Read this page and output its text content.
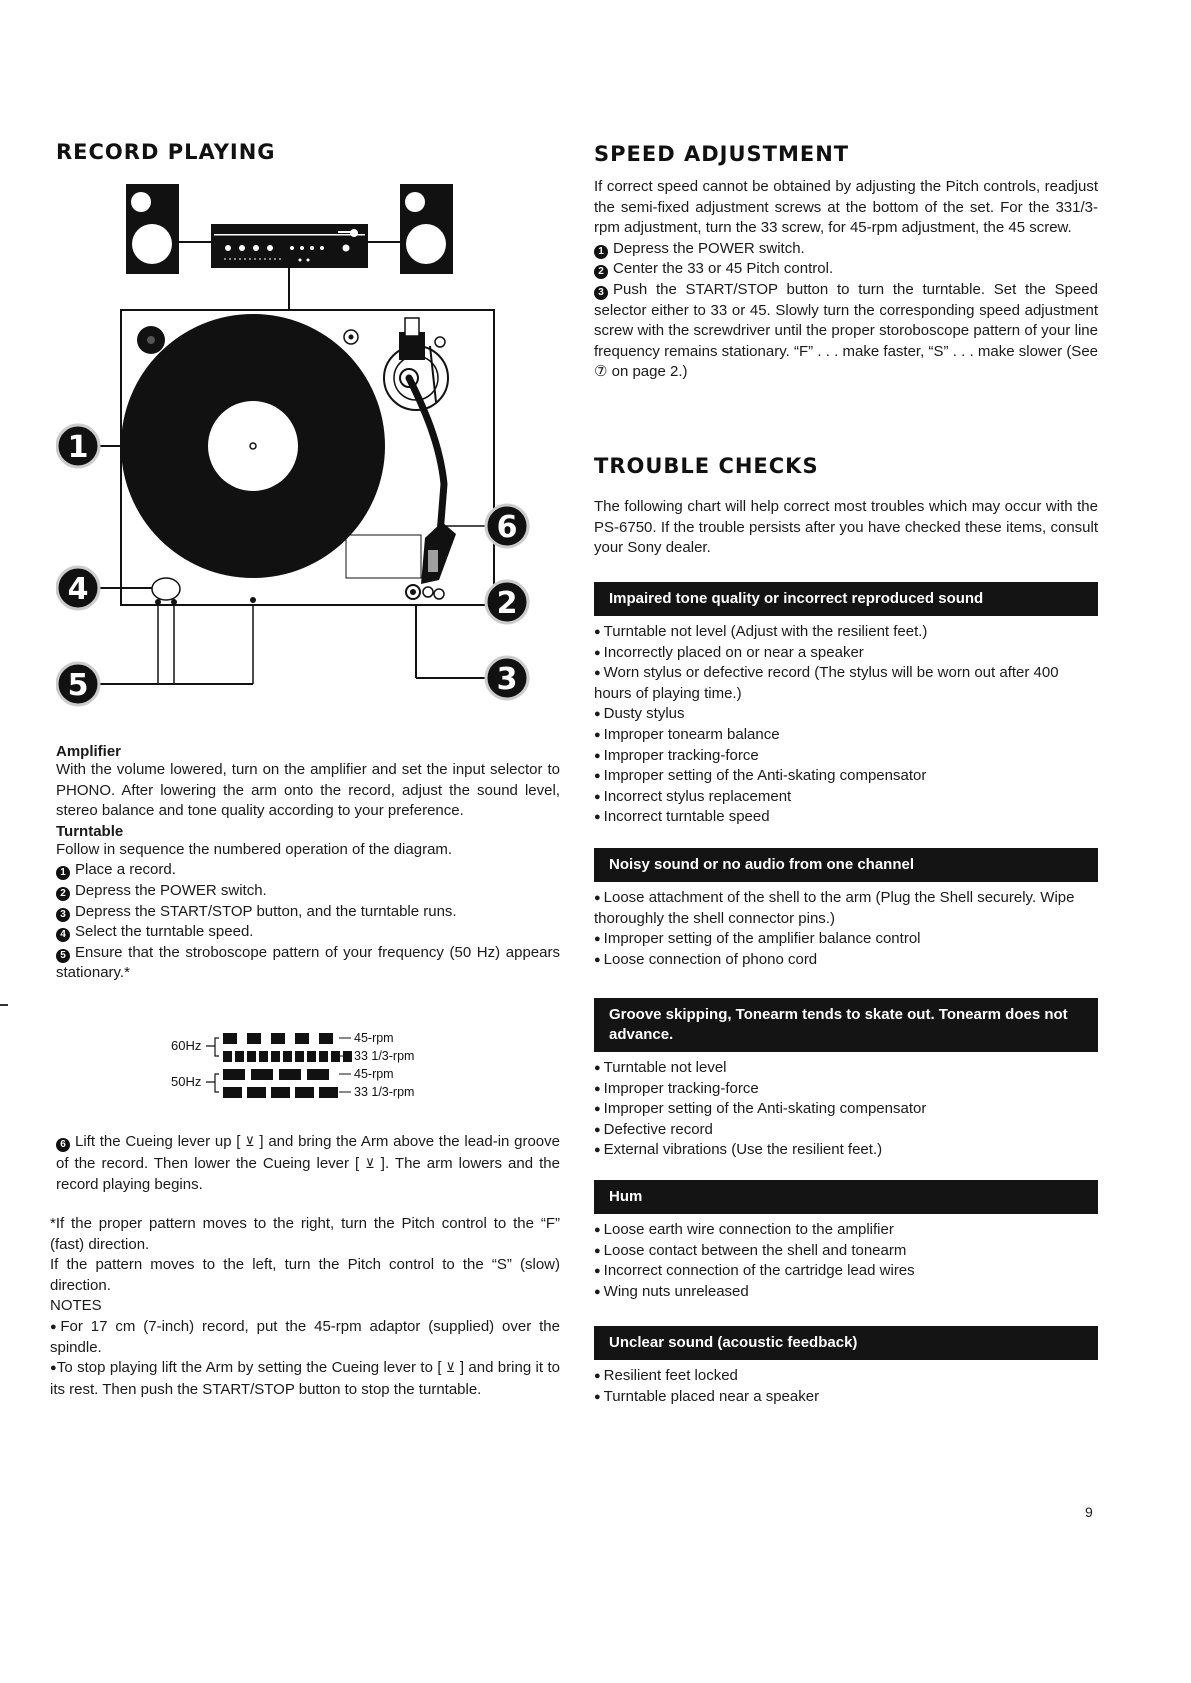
RECORD PLAYING
1
6
4	2
5	3

Amplifier

With the volume lowered, turn on the amplifier and set the input selector to PHONO. After lowering the arm onto the record, adjust the sound level, stereo balance and tone quality according to your preference.

Turntable

Follow in sequence the numbered operation of the diagram.

1 Place a record.

2 Depress the POWER switch.

3 Depress the START/STOP button, and the turntable runs.

4 Select the turntable speed.

5 Ensure that the stroboscope pattern of your frequency (50 Hz) appears stationary.*

60Hz
50Hz
45-rpm
33 1/3-rpm
45-rpm
33 1/3-rpm

6 Lift the Cueing lever up [ ⊻ ] and bring the Arm above the lead-in groove of the record. Then lower the Cueing lever [ ⊻ ]. The arm lowers and the record playing begins.

*If the proper pattern moves to the right, turn the Pitch control to the “F” (fast) direction.

If the pattern moves to the left, turn the Pitch control to the “S” (slow) direction.

NOTES

●For 17 cm (7-inch) record, put the 45-rpm adaptor (supplied) over the spindle.

●To stop playing lift the Arm by setting the Cueing lever to [ ⊻ ] and bring it to its rest. Then push the START/STOP button to stop the turntable.

SPEED ADJUSTMENT

If correct speed cannot be obtained by adjusting the Pitch controls, readjust the semi-fixed adjustment screws at the bottom of the set. For the 331/3-rpm adjustment, turn the 33 screw, for 45-rpm adjustment, the 45 screw.

1 Depress the POWER switch.

2 Center the 33 or 45 Pitch control.

3 Push the START/STOP button to turn the turntable. Set the Speed selector either to 33 or 45. Slowly turn the corresponding speed adjustment screw with the screwdriver until the proper storoboscope pattern of your line frequency remains stationary. “F” . . . make faster, “S” . . . make slower (See ⑦ on page 2.)

TROUBLE CHECKS

The following chart will help correct most troubles which may occur with the PS-6750. If the trouble persists after you have checked these items, consult your Sony dealer.

Impaired tone quality or incorrect reproduced sound
● Turntable not level (Adjust with the resilient feet.)
● Incorrectly placed on or near a speaker
● Worn stylus or defective record (The stylus will be worn out after 400 hours of playing time.)
● Dusty stylus
● Improper tonearm balance
● Improper tracking-force
● Improper setting of the Anti-skating compensator
● Incorrect stylus replacement
● Incorrect turntable speed
Noisy sound or no audio from one channel
● Loose attachment of the shell to the arm (Plug the Shell securely. Wipe thoroughly the shell connector pins.)
● Improper setting of the amplifier balance control
● Loose connection of phono cord
Groove skipping, Tonearm tends to skate out. Tonearm does not advance.
● Turntable not level
● Improper tracking-force
● Improper setting of the Anti-skating compensator
● Defective record
● External vibrations (Use the resilient feet.)
Hum
● Loose earth wire connection to the amplifier
● Loose contact between the shell and tonearm
● Incorrect connection of the cartridge lead wires
● Wing nuts unreleased
Unclear sound (acoustic feedback)
● Resilient feet locked
● Turntable placed near a speaker
9
